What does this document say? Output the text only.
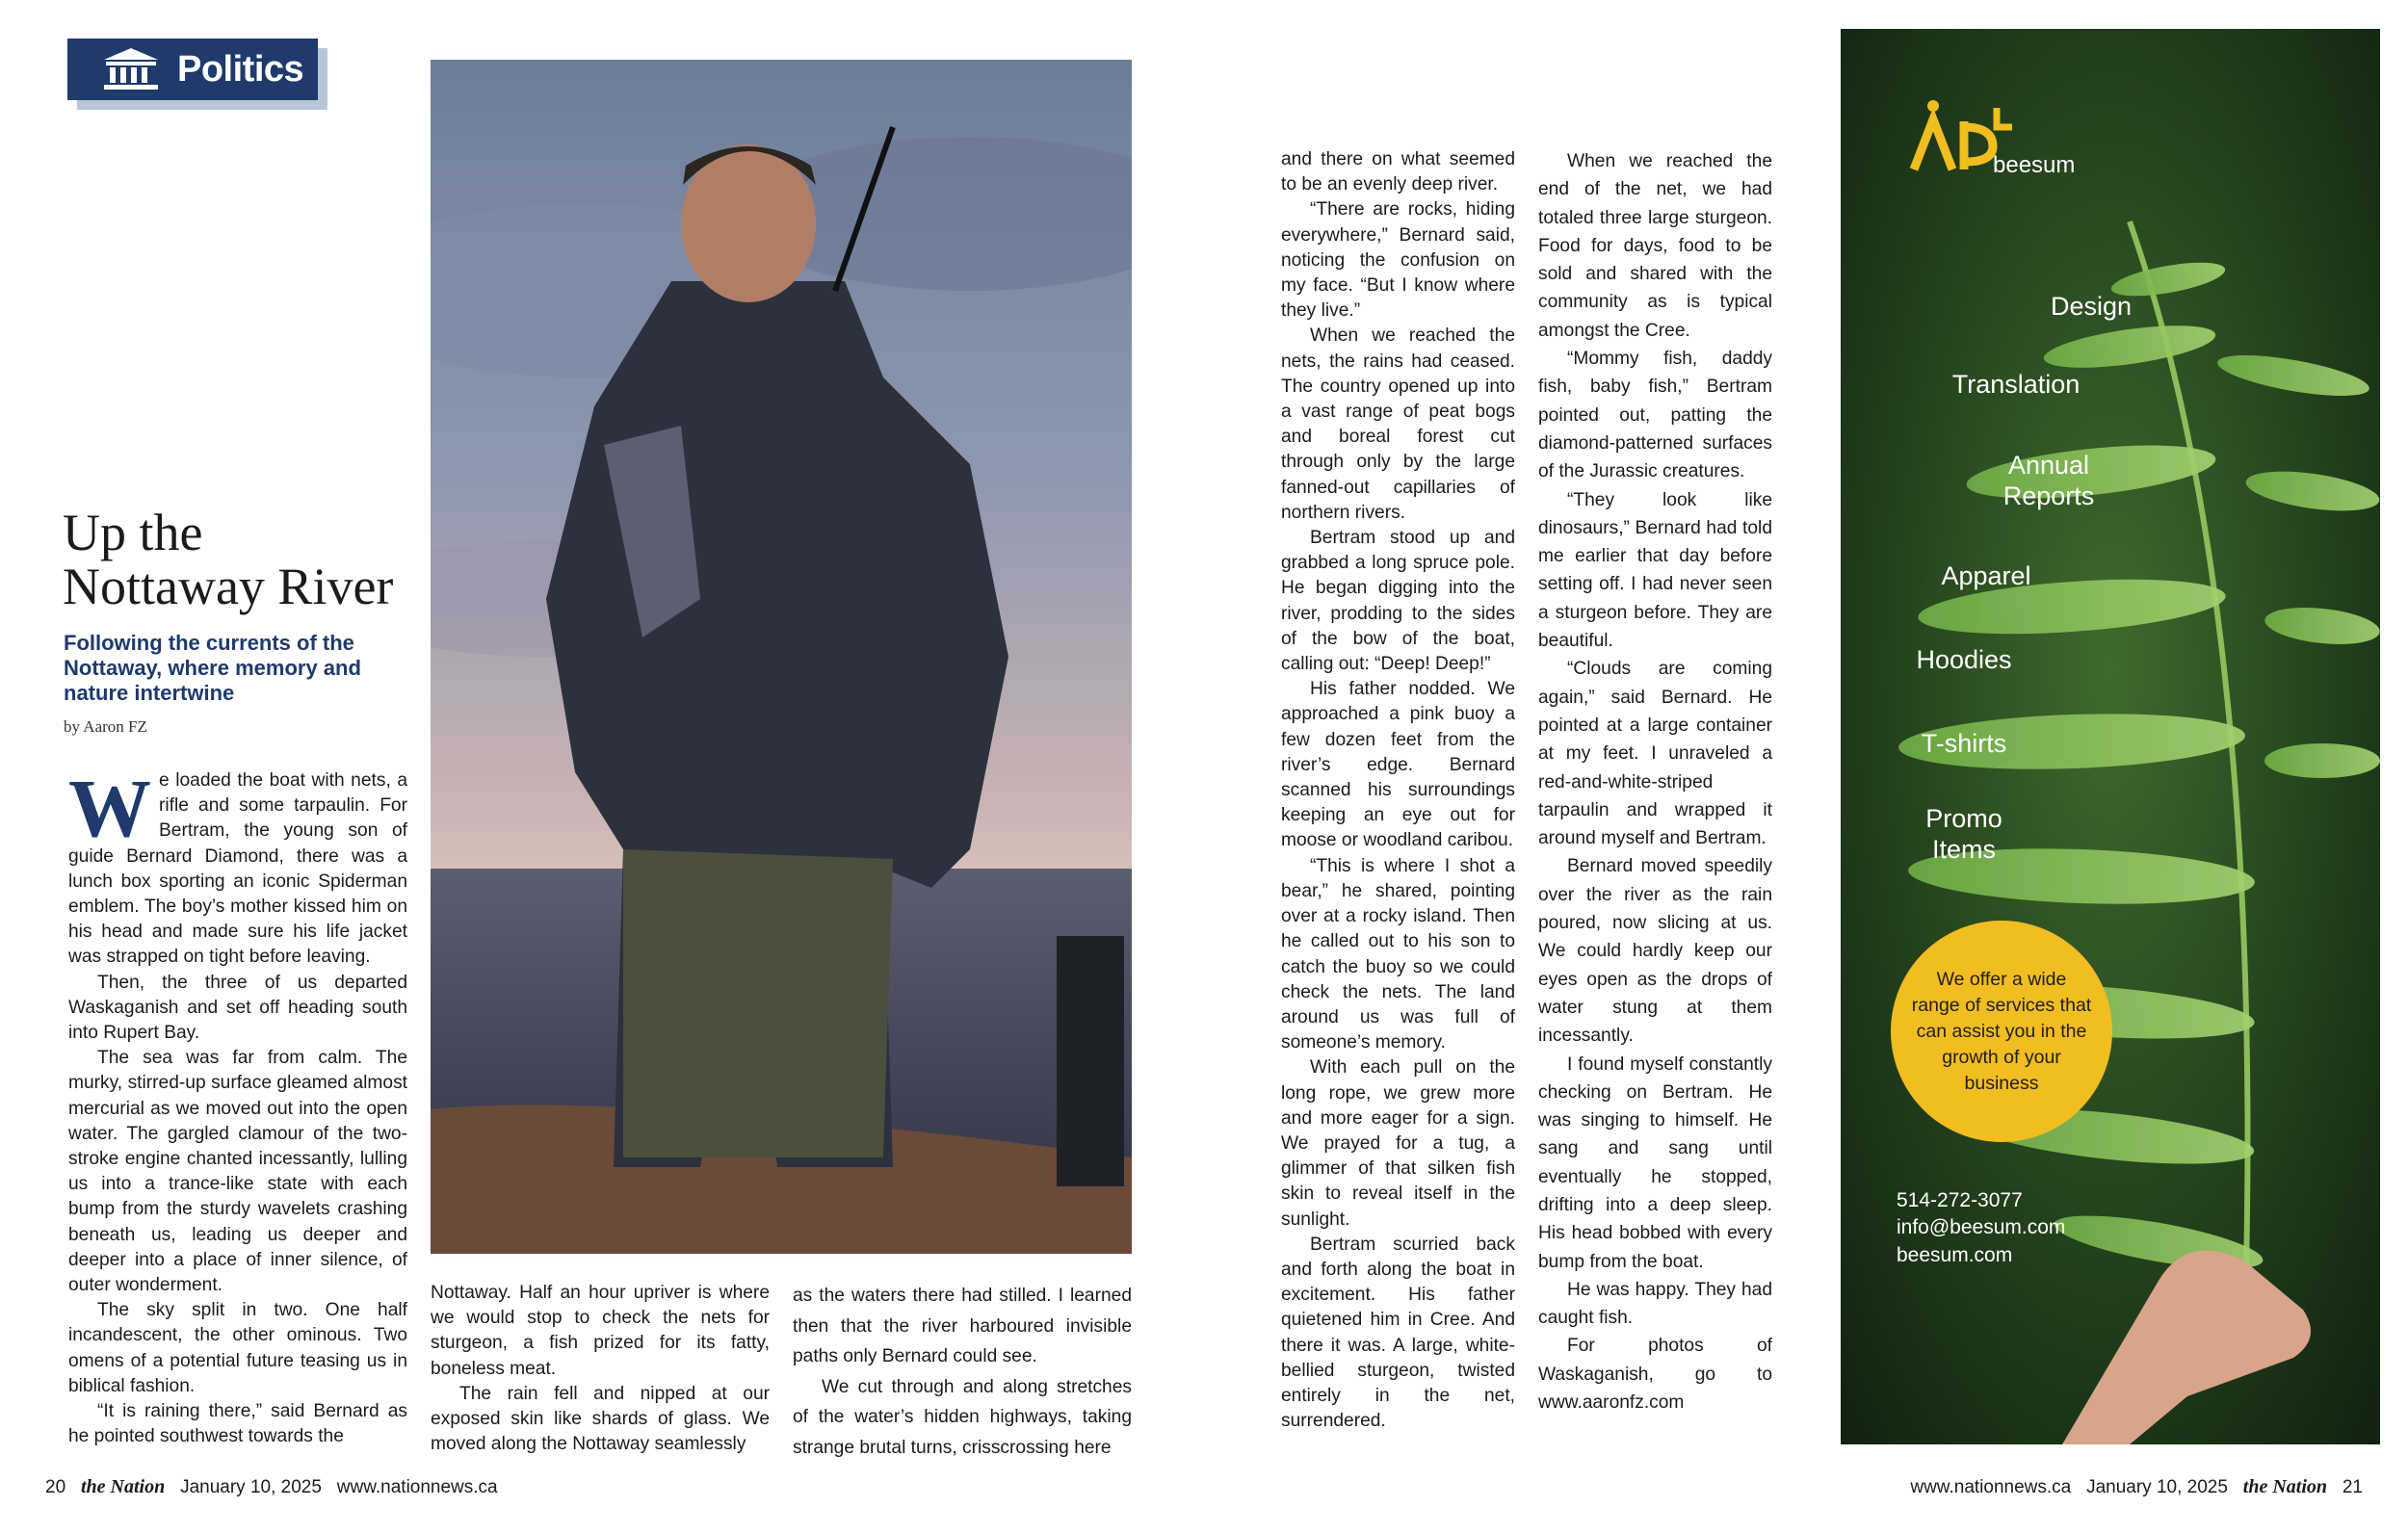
Politics
Up the
Nottaway River
Following the currents of the Nottaway, where memory and nature intertwine
by Aaron FZ

We loaded the boat with nets, a rifle and some tarpaulin. For Bertram, the young son of guide Bernard Diamond, there was a lunch box sporting an iconic Spiderman emblem. The boy’s mother kissed him on his head and made sure his life jacket was strapped on tight before leaving.

Then, the three of us departed Waskaganish and set off heading south into Rupert Bay.

The sea was far from calm. The murky, stirred-up surface gleamed almost mercurial as we moved out into the open water. The gargled clamour of the two-stroke engine chanted incessantly, lulling us into a trance-like state with each bump from the sturdy wavelets crashing beneath us, leading us deeper and deeper into a place of inner silence, of outer wonderment.

The sky split in two. One half incandescent, the other ominous. Two omens of a potential future teasing us in biblical fashion.

“It is raining there,” said Bernard as he pointed southwest towards the

Nottaway. Half an hour upriver is where we would stop to check the nets for sturgeon, a fish prized for its fatty, boneless meat.

The rain fell and nipped at our exposed skin like shards of glass. We moved along the Nottaway seamlessly

as the waters there had stilled. I learned then that the river harboured invisible paths only Bernard could see.

We cut through and along stretches of the water’s hidden highways, taking strange brutal turns, crisscrossing here

and there on what seemed to be an evenly deep river.

“There are rocks, hiding everywhere,” Bernard said, noticing the confusion on my face. “But I know where they live.”

When we reached the nets, the rains had ceased. The country opened up into a vast range of peat bogs and boreal forest cut through only by the large fanned-out capillaries of northern rivers.

Bertram stood up and grabbed a long spruce pole. He began digging into the river, prodding to the sides of the bow of the boat, calling out: “Deep! Deep!”

His father nodded. We approached a pink buoy a few dozen feet from the river’s edge. Bernard scanned his surroundings keeping an eye out for moose or woodland caribou.

“This is where I shot a bear,” he shared, pointing over at a rocky island. Then he called out to his son to catch the buoy so we could check the nets. The land around us was full of someone’s memory.

With each pull on the long rope, we grew more and more eager for a sign. We prayed for a tug, a glimmer of that silken fish skin to reveal itself in the sunlight.

Bertram scurried back and forth along the boat in excitement. His father quietened him in Cree. And there it was. A large, white-bellied sturgeon, twisted entirely in the net, surrendered.

When we reached the end of the net, we had totaled three large sturgeon. Food for days, food to be sold and shared with the community as is typical amongst the Cree.

“Mommy fish, daddy fish, baby fish,” Bertram pointed out, patting the diamond-patterned surfaces of the Jurassic creatures.

“They look like dinosaurs,” Bernard had told me earlier that day before setting off. I had never seen a sturgeon before. They are beautiful.

“Clouds are coming again,” said Bernard. He pointed at a large container at my feet. I unraveled a red-and-white-striped tarpaulin and wrapped it around myself and Bertram.

Bernard moved speedily over the river as the rain poured, now slicing at us. We could hardly keep our eyes open as the drops of water stung at them incessantly.

I found myself constantly checking on Bertram. He was singing to himself. He sang and sang until eventually he stopped, drifting into a deep sleep. His head bobbed with every bump from the boat.

He was happy. They had caught fish.

For photos of Waskaganish, go to www.aaronfz.com

beesum
Design
Translation
Annual
Reports
Apparel
Hoodies
T-shirts
Promo
Items
We offer a wide range of services that can assist you in the growth of your business
514-272-3077
info@beesum.com
beesum.com
20 the Nation January 10, 2025 www.nationnews.ca	www.nationnews.ca January 10, 2025 the Nation 21
